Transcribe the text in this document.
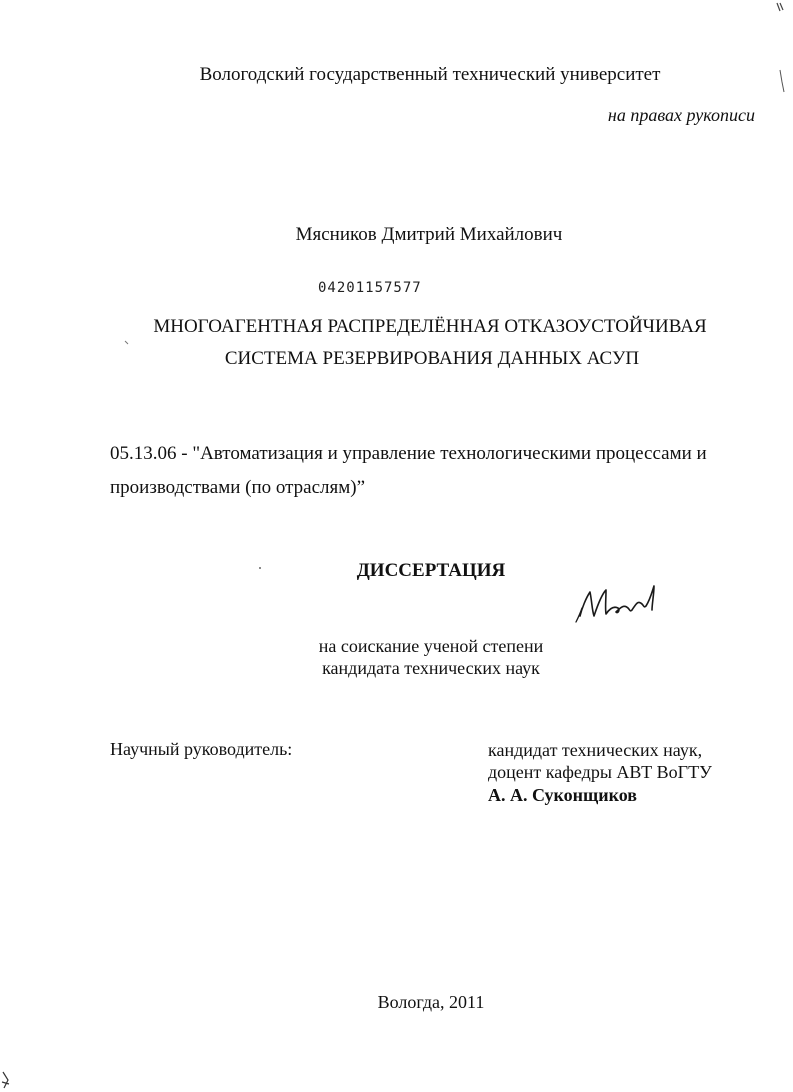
Вологодский государственный технический университет
на правах рукописи
Мясников Дмитрий Михайлович
04201157577
МНОГОАГЕНТНАЯ РАСПРЕДЕЛЁННАЯ ОТКАЗОУСТОЙЧИВАЯ
СИСТЕМА РЕЗЕРВИРОВАНИЯ ДАННЫХ АСУП
05.13.06 - "Автоматизация и управление технологическими процессами и
производствами (по отраслям)”
ДИССЕРТАЦИЯ
на соискание ученой степени
кандидата технических наук
Научный руководитель:	кандидат технических наук,
доцент кафедры АВТ ВоГТУ
А. А. Суконщиков
Вологда, 2011
